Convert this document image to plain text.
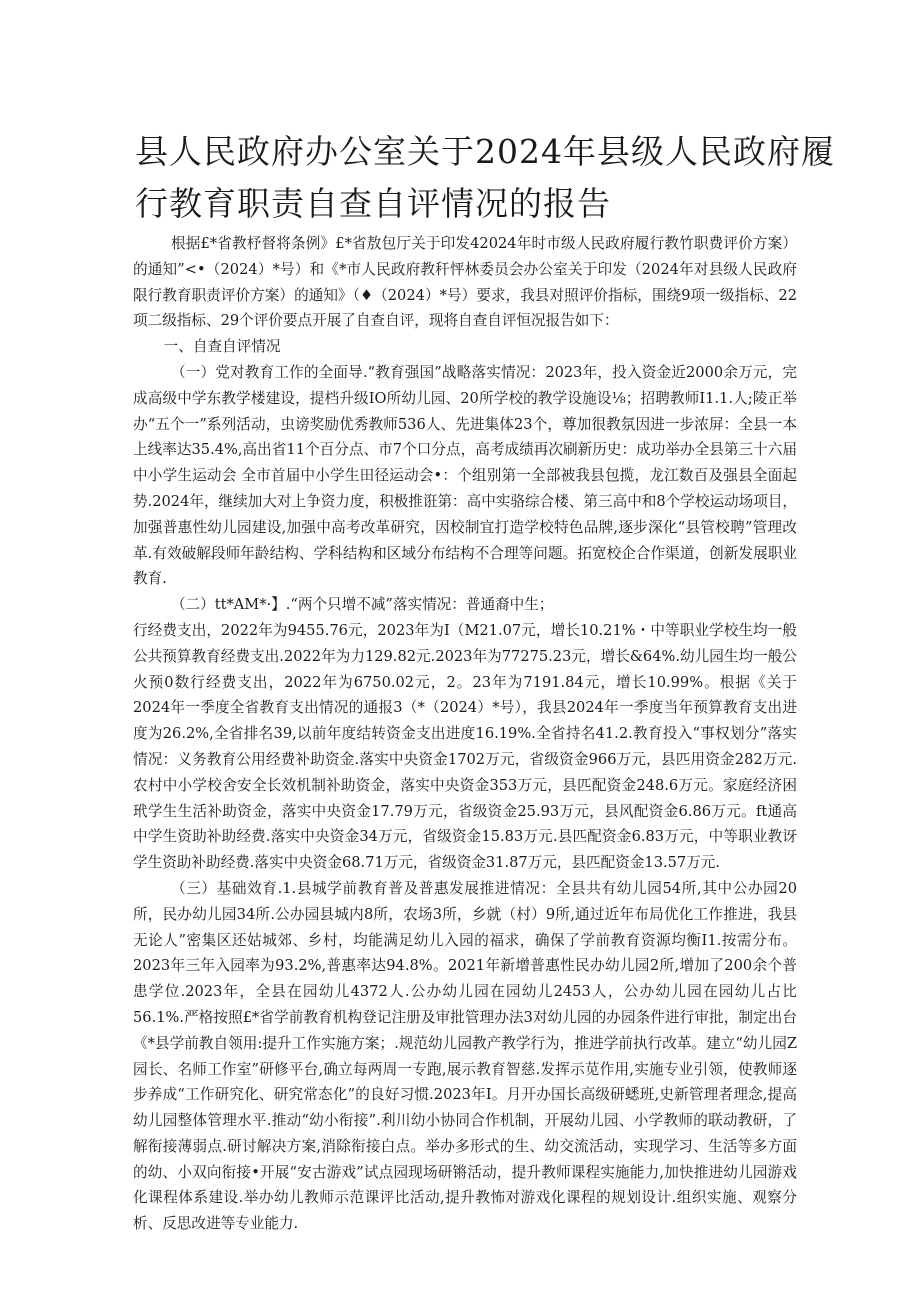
县人民政府办公室关于2024年县级人民政府履行教育职责自查自评情况的报告

根据£*省教杼督将条例》£*省敖包厅关于印发42024年时市级人民政府履行教竹职费评价方案）的通知”<•（2024）*号）和《*市人民政府教秆怦林委员会办公室关于印发（2024年对县级人民政府限行教育职责评价方案）的通知》（♦（2024）*号）要求，我县对照评价指标，围绕9项一级指标、22项二级指标、29个评价要点开展了自查自评，现将自查自评恒况报告如下：

一、自查自评情况

（一）党对教育工作的全面导.“教育强国”战略落实情况：2023年，投入资金近2000余万元，完成高级中学东教学楼建设，提档升级IO所幼儿园、20所学校的教学设施设⅛；招聘教师I1.1.人;陵正举办“五个一”系列活动，虫谤奖励优秀教师536人、先进集体23个，尊加很教氛因进一步浓屏：全县一本上线率达35.4%,高出省11个百分点、市7个口分点，高考成绩再次刷新历史：成功举办全县第三十六届中小学生运动会 全市首届中小学生田径运动会•：个组别第一全部被我县包揽，龙江数百及强县全面起势.2024年，继续加大对上争资力度，积极推诳第：高中实骆综合楼、第三高中和8个学校运动场项目，加强普惠性幼儿园建设,加强中高考改革研究，因校制宜打造学校特色品牌,逐步深化“县管校聘”管理改革.有效破解段师年龄结构、学科结构和区域分布结构不合理等问题。拓宽校企合作渠道，创新发展职业教育.

（二）tt*AM*·】.“两个只增不减”落实情况：普通裔中生；

行经费支出，2022年为9455.76元，2023年为I（M21.07元，增长10.21%・中等职业学校生均一般公共预算教育经费支出.2022年为力129.82元.2023年为77275.23元，增长&64%.幼儿园生均一般公火预0数行经费支出，2022年为6750.02元，2。23年为7191.84元，增长10.99%。根据《关于2024年一季度全省教育支出情况的通报3（*（2024）*号），我县2024年一季度当年预算教育支出进度为26.2%,全省排名39,以前年度结转资金支出进度16.19%.全省持名41.2.教育投入“事权划分”落实情况：义务教育公用经费补助资金.落实中央资金1702万元，省级资金966万元，县匹用资金282万元.农村中小学校舍安全长效机制补助资金，落实中央资金353万元，县匹配资金248.6万元。家庭经济困玳学生生活补助资金，落实中央资金17.79万元，省级资金25.93万元，县风配资金6.86万元。ft通高中学生资助补助经费.落实中央资金34万元，省级资金15.83万元.县匹配资金6.83万元，中等职业教讶学生资助补助经费.落实中央资金68.71万元，省级资金31.87万元，县匹配资金13.57万元.

（三）基础效育.1.县城学前教育普及普惠发展推进情况：全县共有幼儿园54所,其中公办园20所，民办幼儿园34所.公办园县城内8所，农场3所，乡就（村）9所,通过近年布局优化工作推进，我县无论人”密集区还姑城郊、乡村，均能满足幼儿入园的福求，确保了学前教育资源均衡I1.按需分布。2023年三年入园率为93.2%,普惠率达94.8%。2021年新增普惠性民办幼儿园2所,增加了200余个普患学位.2023年，全县在园幼儿4372人.公办幼儿园在园幼儿2453人，公办幼儿园在园幼儿占比56.1%.严格按照£*省学前教育机构登记注册及审批管理办法3对幼儿园的办园条件进行审批，制定出台《*县学前教自领用:提升工作实施方案；.规范幼儿园教产教学行为，推进学前执行改革。建立“幼儿园Z园长、名师工作室”研修平台,确立每两周一专跑,展示教育智慈.发挥示苋作用,实施专业引领，使教师逐步养成“工作研究化、研究常态化”的良好习惯.2023年I。月开办国长高级研蟋班,史新管理者理念,提高幼儿园整体管理水平.推动“幼小衔接”.利川幼小协同合作机制，开展幼儿园、小学教师的联动教研，了解衔接薄弱点.研讨解决方案,消除衔接白点。举办多形式的生、幼交流活动，实现学习、生活等多方面的幼、小双向衔接•开展“安古游戏”试点园现场研锵活动，提升教师课程实施能力,加快推进幼儿园游戏化课程体系建设.举办幼儿教师示范课评比活动,提升教怖对游戏化课程的规划设计.组织实施、观察分析、反思改进等专业能力.
